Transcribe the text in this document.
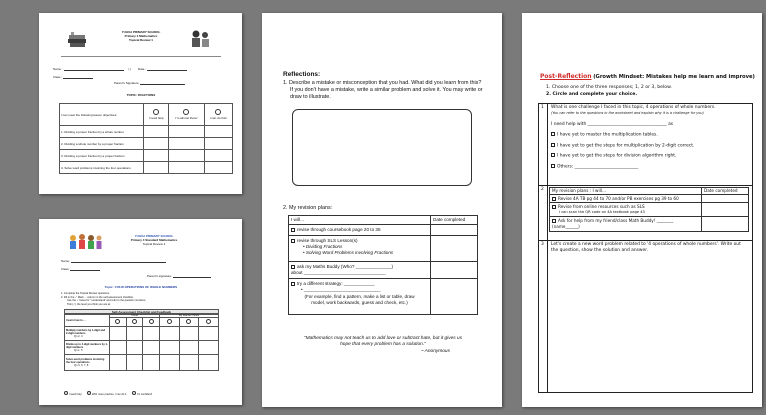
YUHUA PRIMARY SCHOOL
Primary 4 Mathematics
Topical Review 1
Name :	( ) Date :
Class :
Parent's Signature:
TOPIC: FRACTIONS
I can meet the following lesson objectives:	I need help	I'm almost there!	I can do this!

1. Dividing a proper fraction by a whole number			
2. Dividing a whole number by a proper fraction			
3. Dividing a proper fraction by a proper fraction			
4. Solve word problems involving the four operations			
YUHUA PRIMARY SCHOOL
Primary 4 Standard Mathematics
Topical Review 2
Name:
Class:
Parent's signature:
Topic : FOUR OPERATIONS OF WHOLE NUMBERS
1. Complete the Topical Review questions.
2. Fill in the ✓ Mark ... column in the self-assessment checklist.
Use the ✓ faces for 'I understand' and refer to the question numbers.
Tick (✓) the level you think you are at.
Self-Assessment Checklist and Feedback
I learn how to ...	I think			My teacher thinks		

Multiply numbers by 1-digit and 2-digit numbers
Qn 2, 3						

Divide up to 4-digit numbers by 1-digit numbers
Qn 1, 5						

Solve word problems involving the four operations
Qn 4, 6, 7, 8						

I need help	With more practice, I can do it	I'm confident!
Reflections:
1. Describe a mistake or misconception that you had. What did you learn from this? If you don't have a mistake, write a similar problem and solve it. You may write or draw to illustrate.
2. My revision plans:
I will…	Date completed
revise through coursebook page 20 to 35	
revise through SLS Lesson(s)
• Dividing Fractions
• Solving Word Problems involving Fractions	

ask my Maths Buddy (Who? ______________)
about ________________________________	

try a different strategy: ____________
• ______________________________
(For example, find a pattern, make a list or table, draw model, work backwards, guess and check, etc.)	

"Mathematics may not teach us to add love or subtract hate, but it gives us hope that every problem has a solution."
~ Anonymous
Post-Reflection (Growth Mindset: Mistakes help me learn and improve)
1. Choose one of the three responses; 1, 2 or 3, below.
2. Circle and complete your choice.
1 What is one challenge I faced in this topic, 4 operations of whole numbers.
(You can refer to the questions in the worksheet and explain why it is a challenge for you)
I need help with ____________________________________ as
I have yet to master the multiplication tables.
I have yet to get the steps for multiplication by 2-digit correct.
I have yet to get the steps for division algorithm right.
Others: _____________________________
2 My revision plans : I will…	Date completed
Revise 4A TB pg 44 to 70 and/or PB exercises pg 39 to 60	
Revise from online resources such as SLS
I can scan the QR code on 4A textbook page 43	

Ask for help from my friend/class Math Buddy! ________ (name______)	
3 Let's create a new word problem related to '4 operations of whole numbers'. Write out the question, show the solution and answer.
